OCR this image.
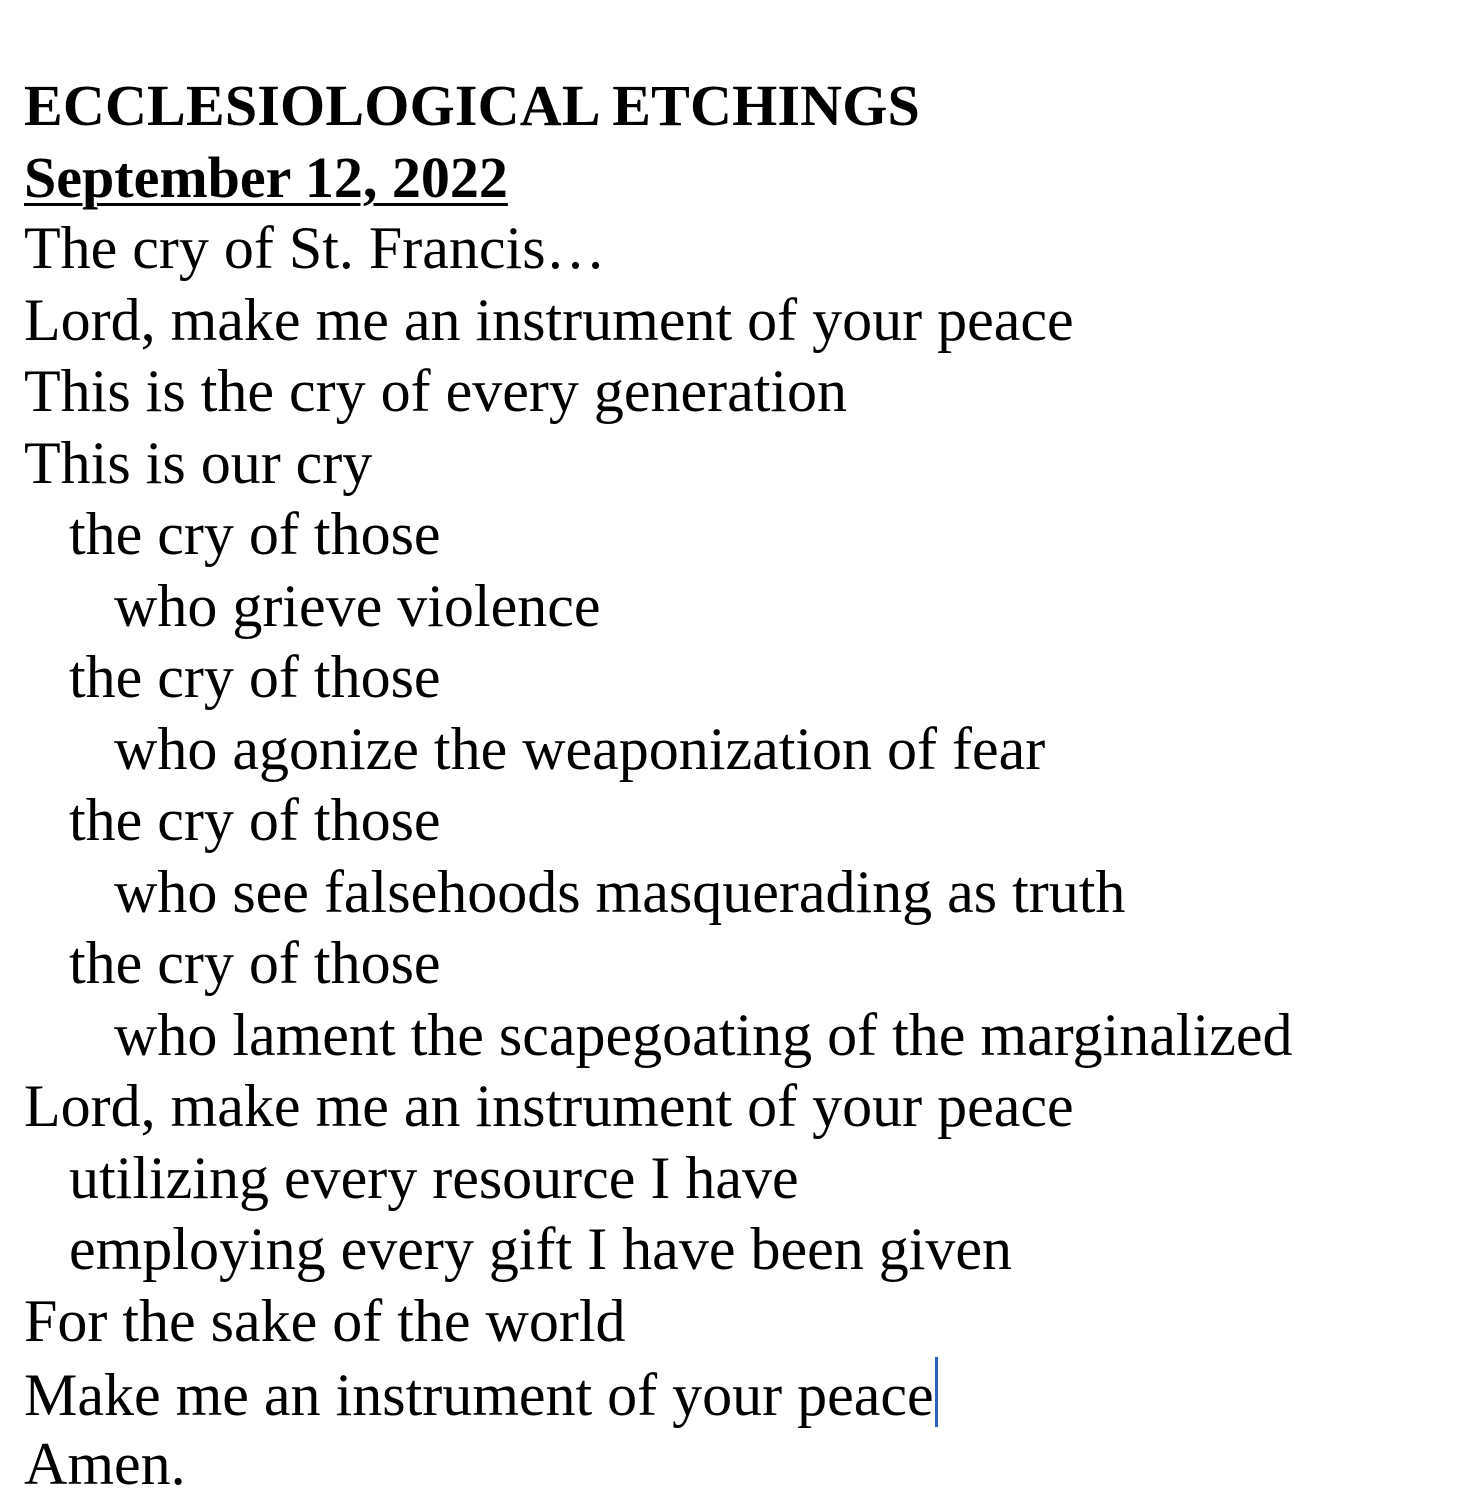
ECCLESIOLOGICAL ETCHINGS
September 12, 2022
The cry of St. Francis…
Lord, make me an instrument of your peace
This is the cry of every generation
This is our cry
the cry of those
who grieve violence
the cry of those
who agonize the weaponization of fear
the cry of those
who see falsehoods masquerading as truth
the cry of those
who lament the scapegoating of the marginalized
Lord, make me an instrument of your peace
utilizing every resource I have
employing every gift I have been given
For the sake of the world
Make me an instrument of your peace
Amen.
